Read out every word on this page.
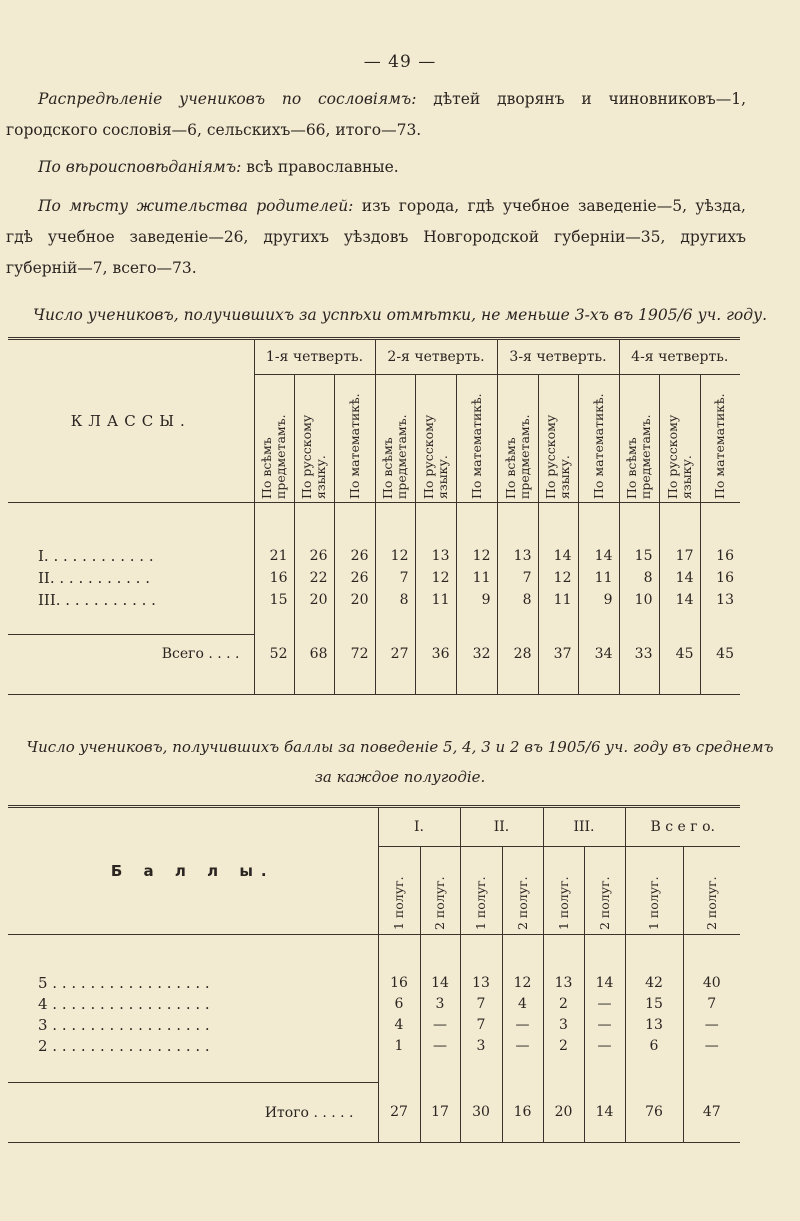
— 49 —
Распредѣленіе учениковъ по сословіямъ: дѣтей дворянъ и чиновниковъ—1, городского сословія—6, сельскихъ—66, итого—73.
По вѣроисповѣданіямъ: всѣ православные.
По мѣсту жительства родителей: изъ города, гдѣ учебное заведеніе—5, уѣзда, гдѣ учебное заведеніе—26, другихъ уѣздовъ Новгородской губерніи—35, другихъ губерній—7, всего—73.
Число учениковъ, получившихъ за успѣхи отмѣтки, не меньше 3-хъ въ 1905/6 уч. году.
КЛАССЫ.	1-я четверть.			2-я четверть.			3-я четверть.			4-я четверть.		

	По всѣмъ предметамъ.	По русскому языку.	По математикѣ.	По всѣмъ предметамъ.	По русскому языку.	По математикѣ.	По всѣмъ предметамъ.	По русскому языку.	По математикѣ.	По всѣмъ предметамъ.	По русскому языку.	По математикѣ.

I. . . . . . . . . . . .	21	26	26	12	13	12	13	14	14	15	17	16
II. . . . . . . . . . .	16	22	26	7	12	11	7	12	11	8	14	16
III. . . . . . . . . . .	15	20	20	8	11	9	8	11	9	10	14	13

Всего . . . .	52	68	72	27	36	32	28	37	34	33	45	45

Число учениковъ, получившихъ баллы за поведеніе 5, 4, 3 и 2 въ 1905/6 уч. году въ среднемъ
за каждое полугодіе.
Б а л л ы.	I.		II.		III.		В с е г о.	

	1 полуг.	2 полуг.	1 полуг.	2 полуг.	1 полуг.	2 полуг.	1 полуг.	2 полуг.

5 . . . . . . . . . . . . . . . . .	16	14	13	12	13	14	42	40
4 . . . . . . . . . . . . . . . . .	6	3	7	4	2	—	15	7
3 . . . . . . . . . . . . . . . . .	4	—	7	—	3	—	13	—
2 . . . . . . . . . . . . . . . . .	1	—	3	—	2	—	6	—

Итого . . . . .	27	17	30	16	20	14	76	47
